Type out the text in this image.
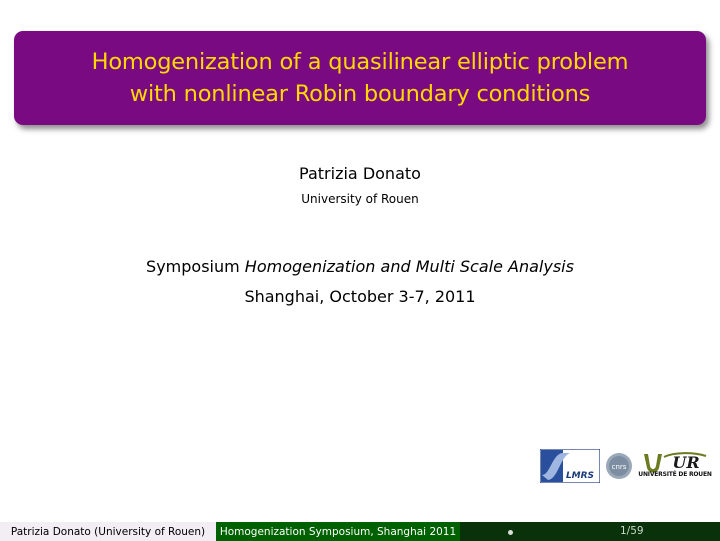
Homogenization of a quasilinear elliptic problem
with nonlinear Robin boundary conditions
Patrizia Donato
University of Rouen
Symposium Homogenization and Multi Scale Analysis
Shanghai, October 3-7, 2011
LMRS
cnrs	UR
UNIVERSITÉ DE ROUEN
Patrizia Donato (University of Rouen)	Homogenization Symposium, Shanghai 2011	1/59
